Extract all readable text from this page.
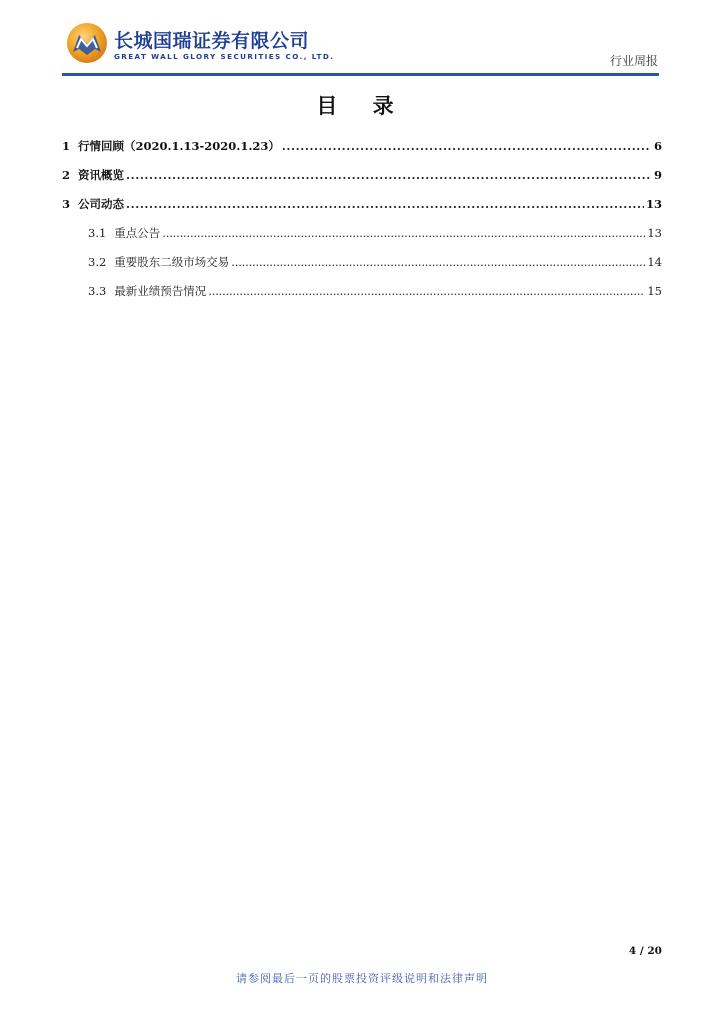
长城国瑞证券有限公司
GREAT WALL GLORY SECURITIES CO., LTD.	行业周报
目 录
1 行情回顾（2020.1.13-2020.1.23） .....	6
2 资讯概览 .....	9
3 公司动态 .....	13
3.1 重点公告 .....	13
3.2 重要股东二级市场交易 .....	14
3.3 最新业绩预告情况 .....	15
4 / 20
请参阅最后一页的股票投资评级说明和法律声明
